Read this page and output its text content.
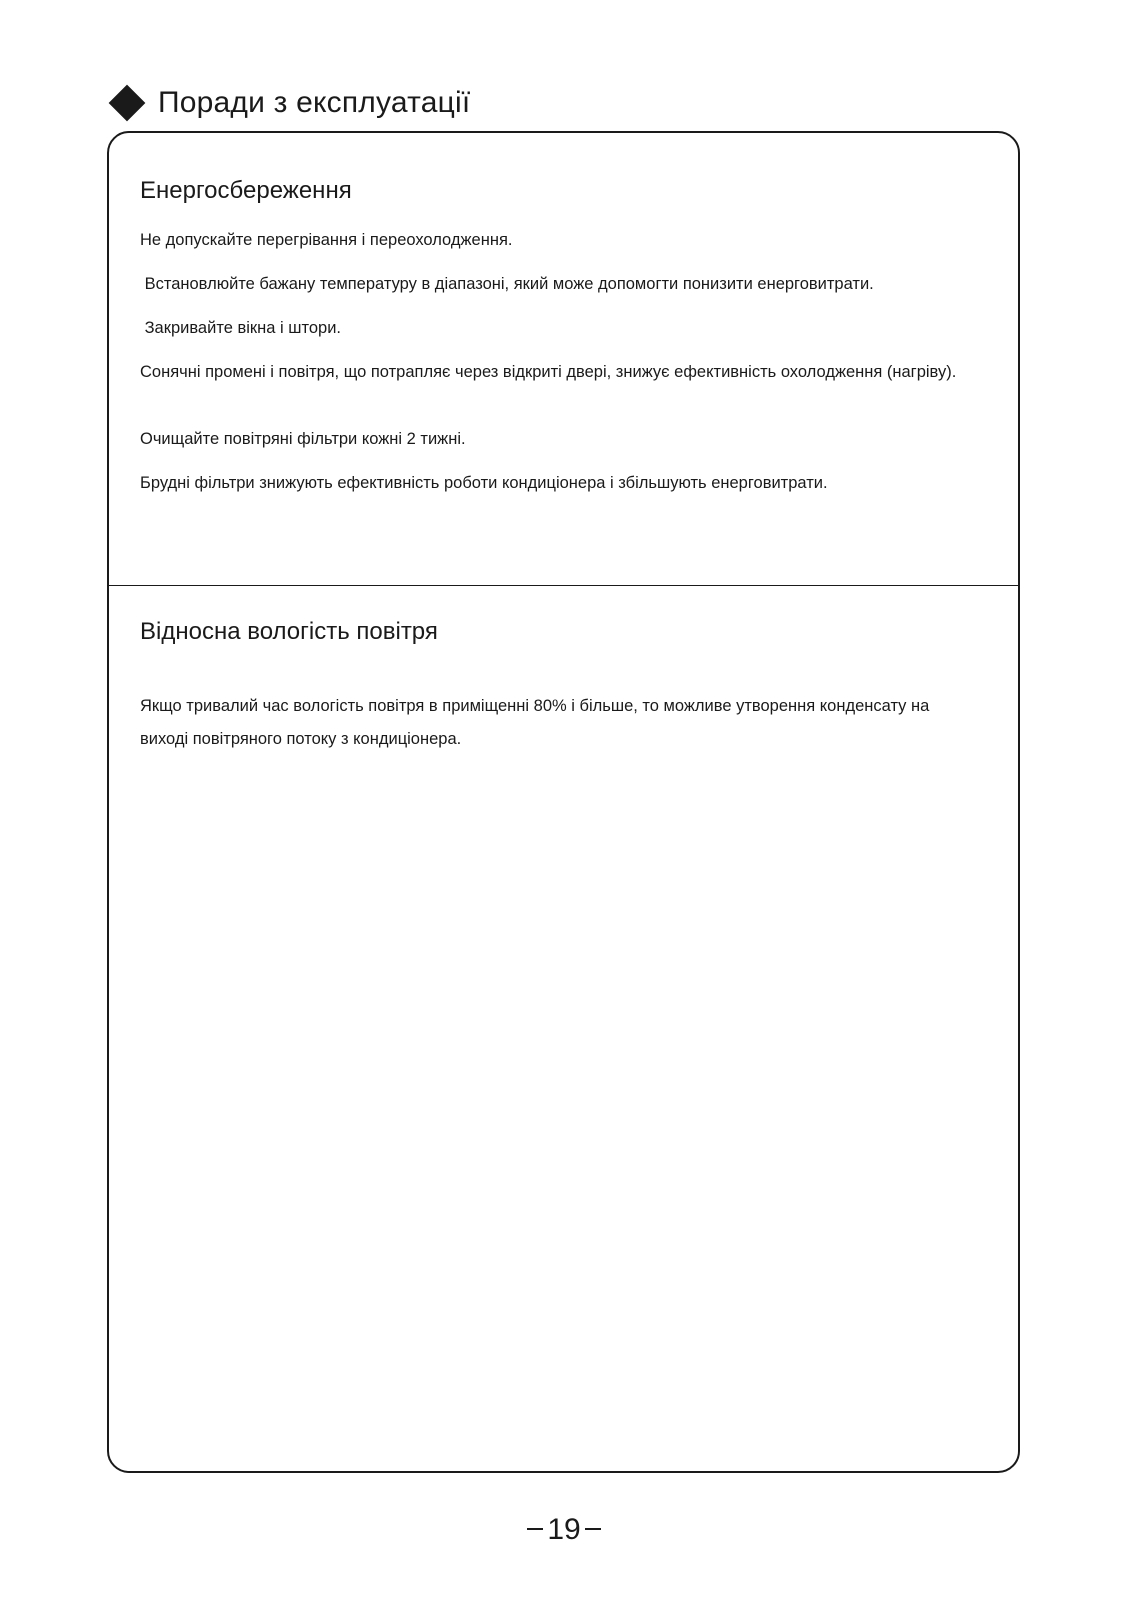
Поради з експлуатації
Енергосбереження

Не допускайте перегрівання і переохолодження.

Встановлюйте бажану температуру в діапазоні, який може допомогти понизити енерговитрати.

Закривайте вікна і штори.

Сонячні промені і повітря, що потрапляє через відкриті двері, знижує ефективність охолодження (нагріву).

Очищайте повітряні фільтри кожні 2 тижні.

Брудні фільтри знижують ефективність роботи кондиціонера і збільшують енерговитрати.

Відносна вологість повітря

Якщо тривалий час вологість повітря в приміщенні 80% і більше, то можливе утворення конденсату на виході повітряного потоку з кондиціонера.

19
